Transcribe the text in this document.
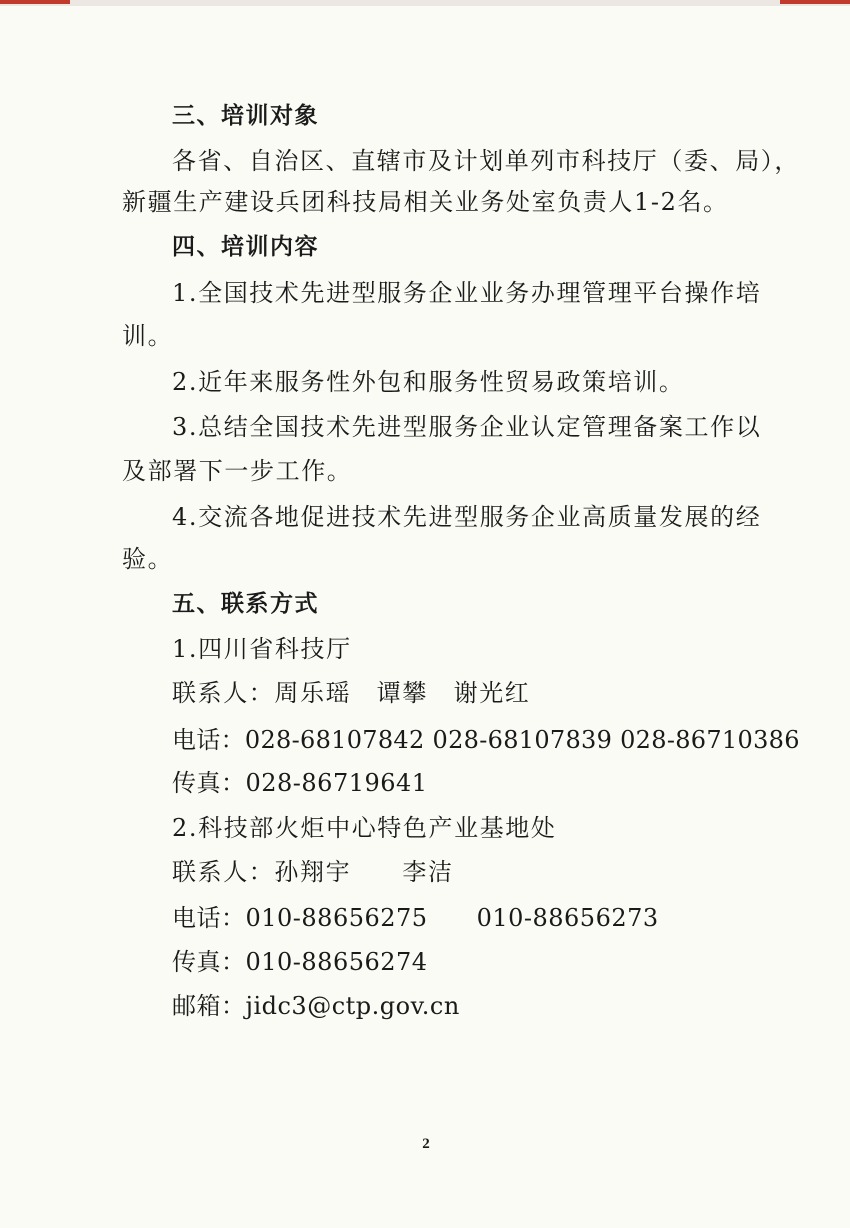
三、培训对象
各省、自治区、直辖市及计划单列市科技厅（委、局），
新疆生产建设兵团科技局相关业务处室负责人1-2名。
四、培训内容
1.全国技术先进型服务企业业务办理管理平台操作培
训。
2.近年来服务性外包和服务性贸易政策培训。
3.总结全国技术先进型服务企业认定管理备案工作以
及部署下一步工作。
4.交流各地促进技术先进型服务企业高质量发展的经
验。
五、联系方式
1.四川省科技厅
联系人：周乐瑶　谭攀　谢光红
电话：028-68107842 028-68107839 028-86710386
传真：028-86719641
2.科技部火炬中心特色产业基地处
联系人：孙翔宇　　李洁
电话：010-88656275　　010-88656273
传真：010-88656274
邮箱：jidc3@ctp.gov.cn
2
